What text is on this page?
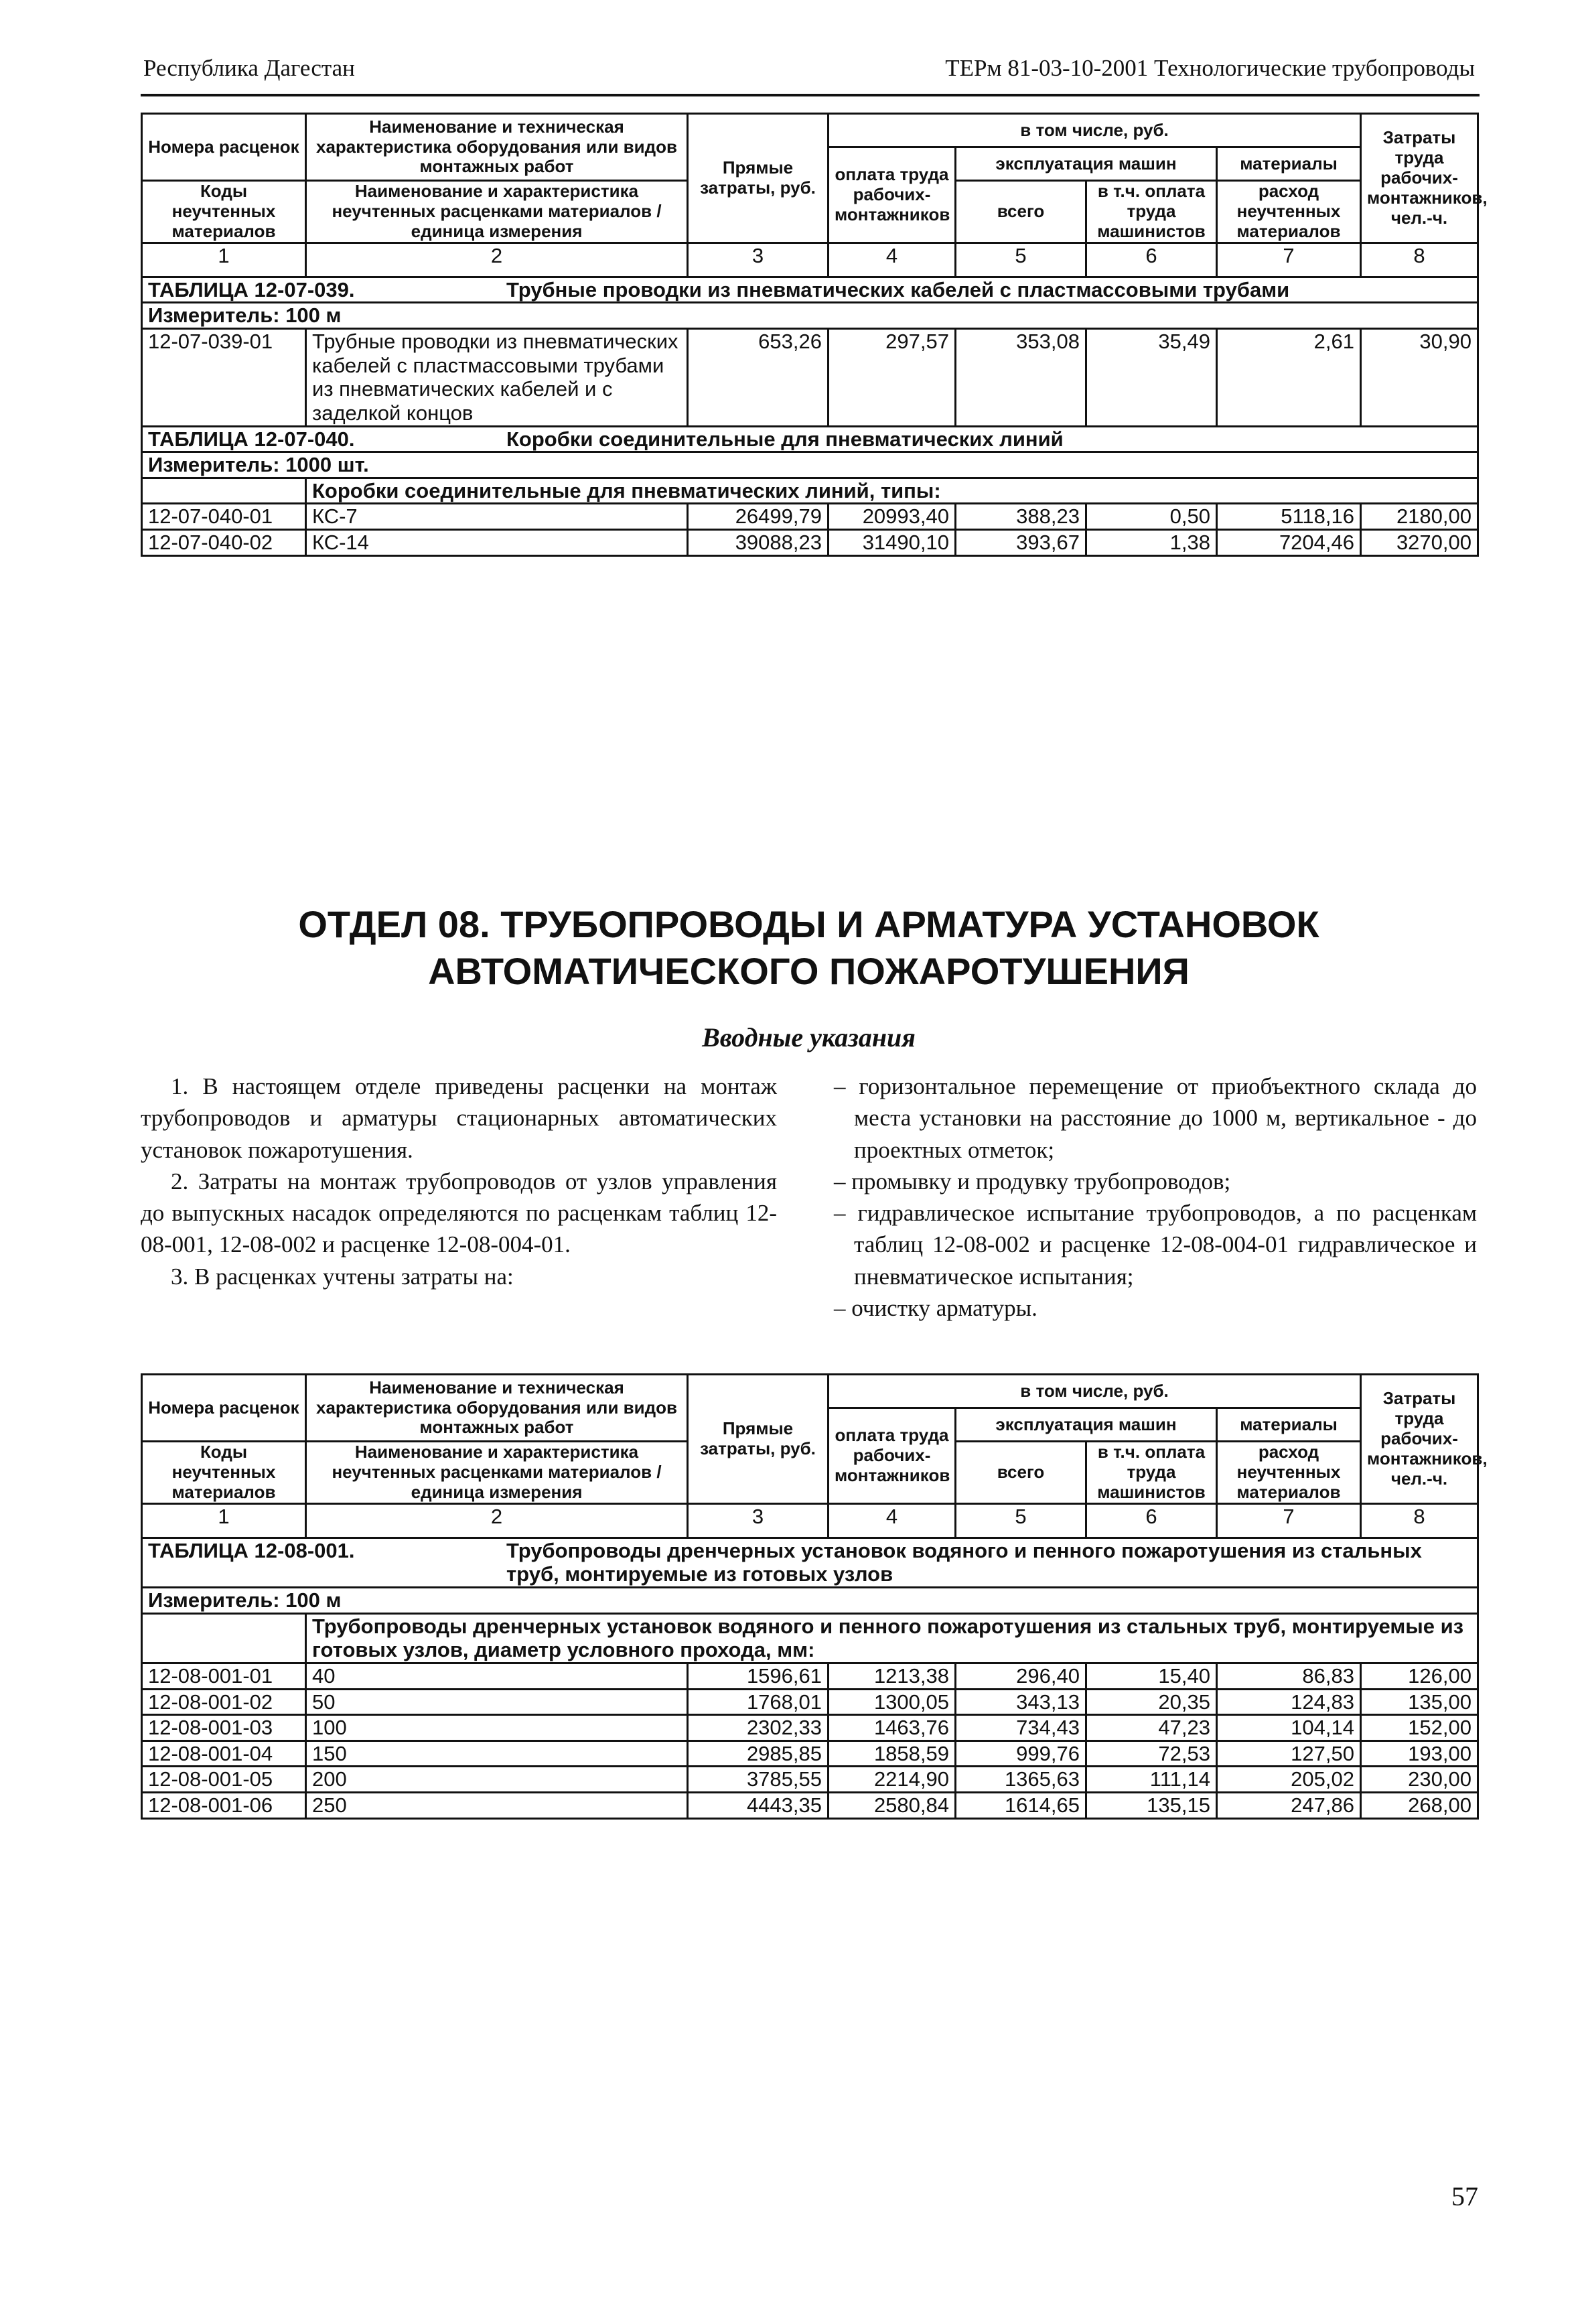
Республика Дагестан	ТЕРм 81-03-10-2001 Технологические трубопроводы
Номера расценок	Наименование и техническая характеристика оборудования или видов монтажных работ	Прямые затраты, руб.	в том числе, руб.				Затраты труда рабочих-монтажников, чел.-ч.
			оплата труда рабочих-монтажников	эксплуатация машин		материалы	
Коды неучтенных материалов	Наименование и характеристика неучтенных расценками материалов / единица измерения			всего	в т.ч. оплата труда машинистов	расход неучтенных материалов	

1	2	3	4	5	6	7	8
ТАБЛИЦА 12-07-039. Трубные проводки из пневматических кабелей с пластмассовыми трубами							
Измеритель: 100 м							
12-07-039-01	Трубные проводки из пневматических кабелей с пластмассовыми трубами из пневматических кабелей и с заделкой концов	653,26	297,57	353,08	35,49	2,61	30,90
ТАБЛИЦА 12-07-040. Коробки соединительные для пневматических линий							
Измеритель: 1000 шт.							
	Коробки соединительные для пневматических линий, типы:						
12-07-040-01	КС-7	26499,79	20993,40	388,23	0,50	5118,16	2180,00
12-07-040-02	КС-14	39088,23	31490,10	393,67	1,38	7204,46	3270,00
ОТДЕЛ 08. ТРУБОПРОВОДЫ И АРМАТУРА УСТАНОВОК
АВТОМАТИЧЕСКОГО ПОЖАРОТУШЕНИЯ
Вводные указания

1. В настоящем отделе приведены расценки на монтаж трубопроводов и арматуры стационарных автоматических установок пожаротушения.

2. Затраты на монтаж трубопроводов от узлов управления до выпускных насадок определяются по расценкам таблиц 12-08-001, 12-08-002 и расценке 12-08-004-01.

3. В расценках учтены затраты на:

– горизонтальное перемещение от приобъектного склада до места установки на расстояние до 1000 м, вертикальное - до проектных отметок;

– промывку и продувку трубопроводов;

– гидравлическое испытание трубопроводов, а по расценкам таблиц 12-08-002 и расценке 12-08-004-01 гидравлическое и пневматическое испытания;

– очистку арматуры.

Номера расценок	Наименование и техническая характеристика оборудования или видов монтажных работ	Прямые затраты, руб.	в том числе, руб.				Затраты труда рабочих-монтажников, чел.-ч.
			оплата труда рабочих-монтажников	эксплуатация машин		материалы	
Коды неучтенных материалов	Наименование и характеристика неучтенных расценками материалов / единица измерения			всего	в т.ч. оплата труда машинистов	расход неучтенных материалов	

1	2	3	4	5	6	7	8
ТАБЛИЦА 12-08-001. Трубопроводы дренчерных установок водяного и пенного пожаротушения из стальных труб, монтируемые из готовых узлов							
Измеритель: 100 м							
	Трубопроводы дренчерных установок водяного и пенного пожаротушения из стальных труб, монтируемые из готовых узлов, диаметр условного прохода, мм:						
12-08-001-01	40	1596,61	1213,38	296,40	15,40	86,83	126,00
12-08-001-02	50	1768,01	1300,05	343,13	20,35	124,83	135,00
12-08-001-03	100	2302,33	1463,76	734,43	47,23	104,14	152,00
12-08-001-04	150	2985,85	1858,59	999,76	72,53	127,50	193,00
12-08-001-05	200	3785,55	2214,90	1365,63	111,14	205,02	230,00
12-08-001-06	250	4443,35	2580,84	1614,65	135,15	247,86	268,00
57
